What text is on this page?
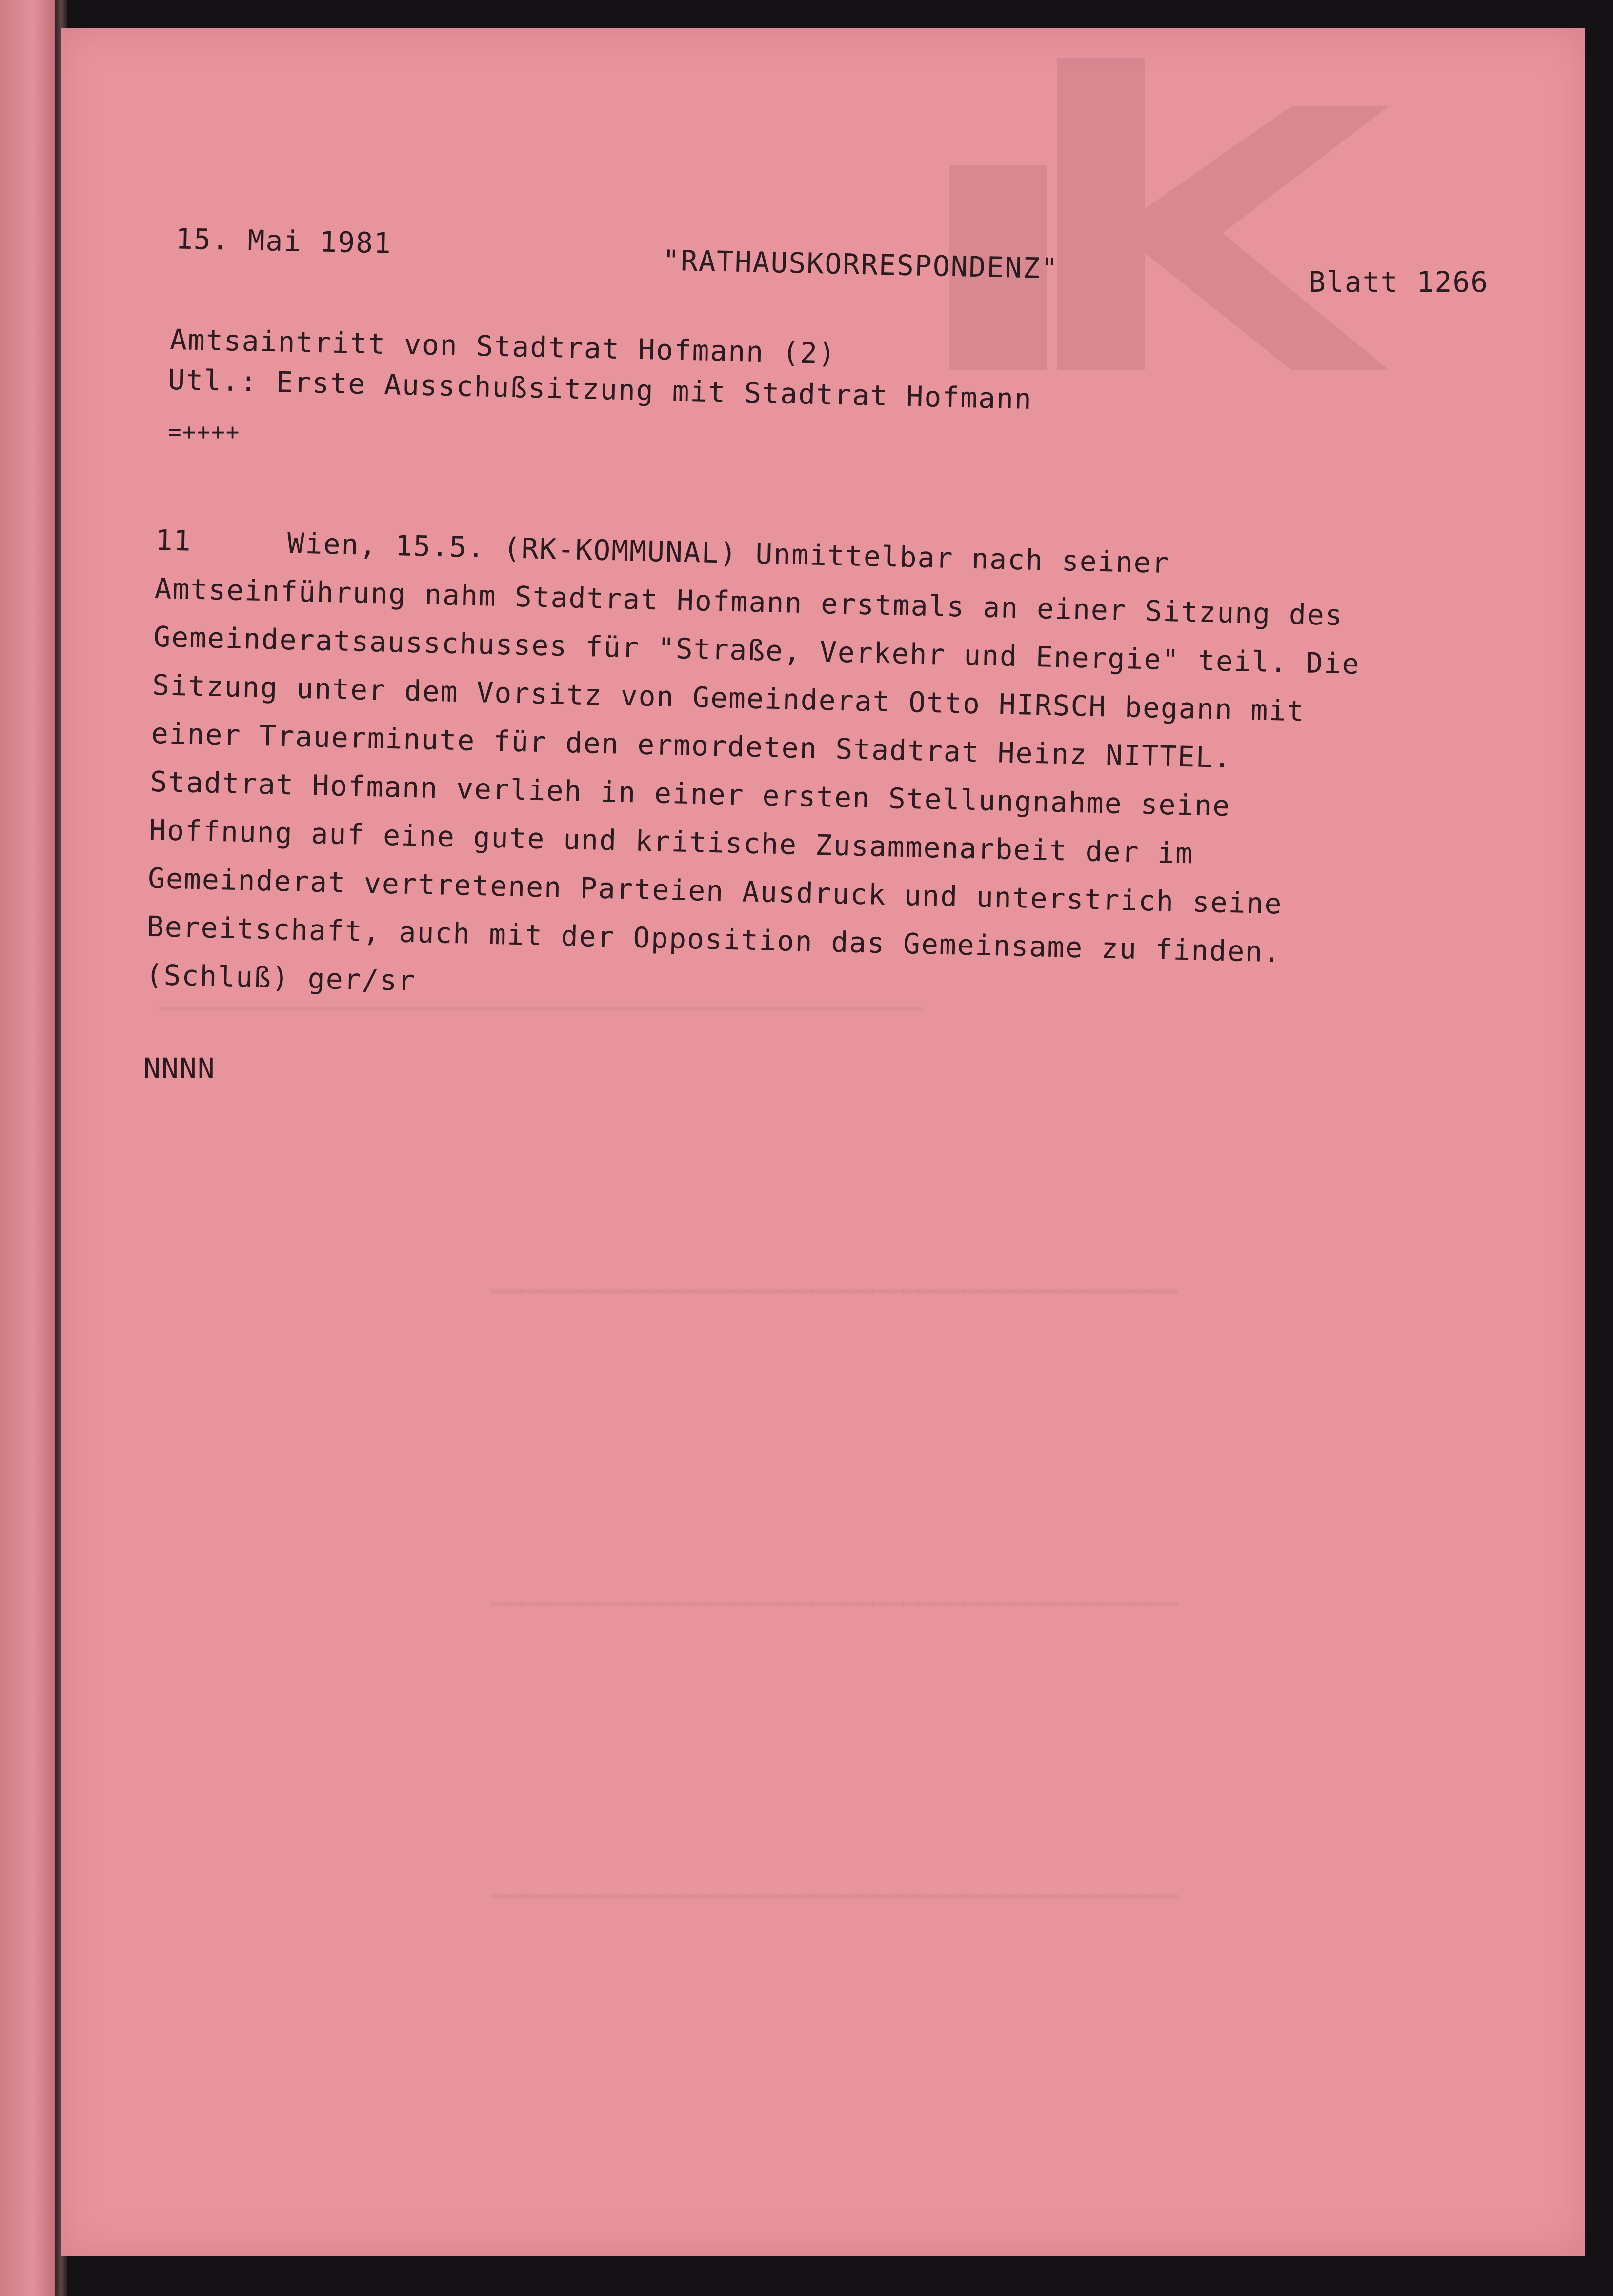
━━━━━━━━━━━━━━━━━━━━━━━━━━━━━━━━━━━━━━━━━━━━━━━━━━
━━━━━━━━━━━━━━━━━━━━━━━━━━━━━━━━━━━━━━━━━━━━━
━━━━━━━━━━━━━━━━━━━━━━━━━━━━━━━━━━━━━━━━━━━━━
━━━━━━━━━━━━━━━━━━━━━━━━━━━━━━━━━━━━━━━━━━━━━
15. Mai 1981
"RATHAUSKORRESPONDENZ"	Blatt 1266
Amtsaintritt von Stadtrat Hofmann (2)
Utl.: Erste Ausschußsitzung mit Stadtrat Hofmann
=++++
11	Wien, 15.5. (RK-KOMMUNAL) Unmittelbar nach seiner
Amtseinführung nahm Stadtrat Hofmann erstmals an einer Sitzung des
Gemeinderatsausschusses für "Straße, Verkehr und Energie" teil. Die
Sitzung unter dem Vorsitz von Gemeinderat Otto HIRSCH begann mit
einer Trauerminute für den ermordeten Stadtrat Heinz NITTEL.
Stadtrat Hofmann verlieh in einer ersten Stellungnahme seine
Hoffnung auf eine gute und kritische Zusammenarbeit der im
Gemeinderat vertretenen Parteien Ausdruck und unterstrich seine
Bereitschaft, auch mit der Opposition das Gemeinsame zu finden.
(Schluß) ger/sr
NNNN
